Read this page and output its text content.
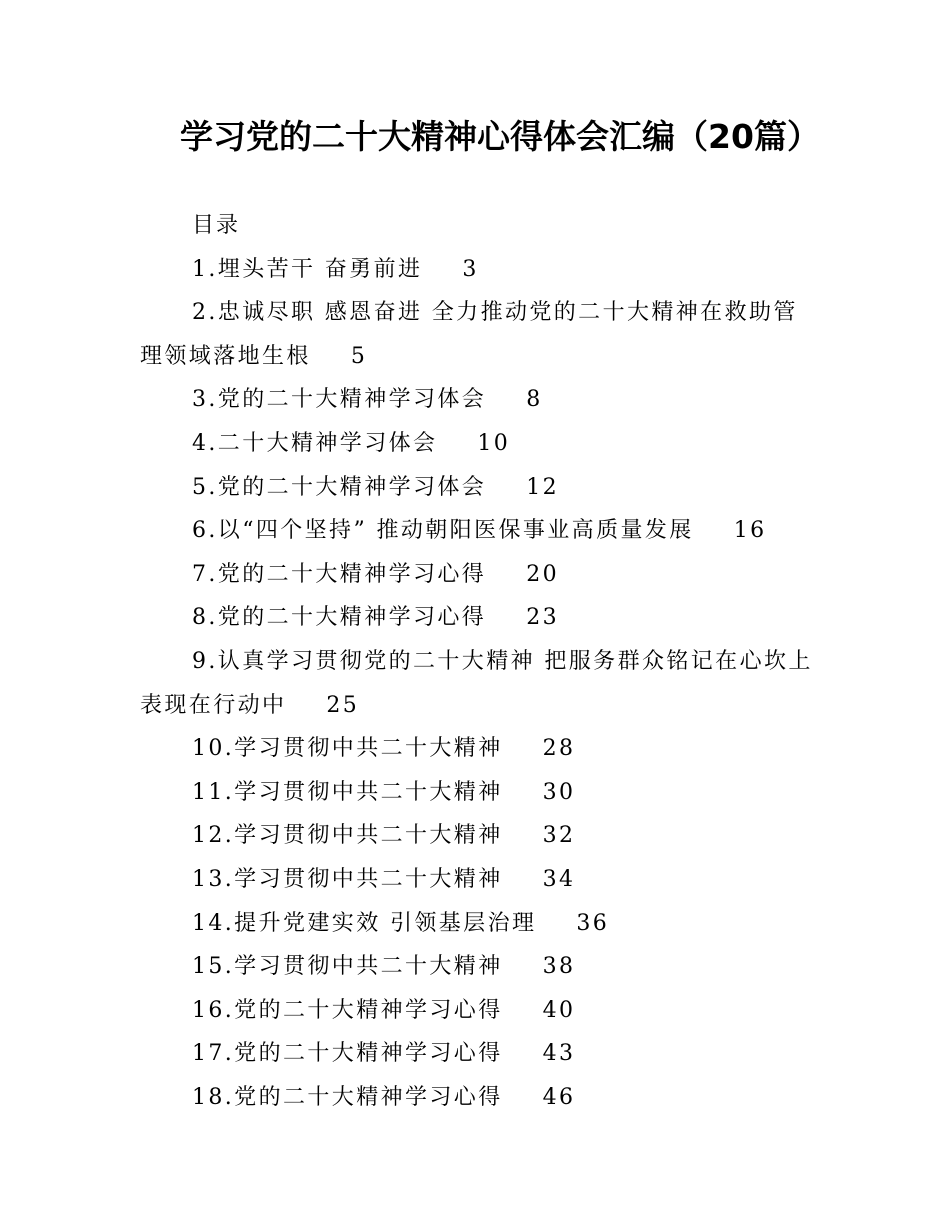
学习党的二十大精神心得体会汇编（20篇）
目录
1.埋头苦干 奋勇前进 3
2.忠诚尽职 感恩奋进 全力推动党的二十大精神在救助管理领域落地生根 5
3.党的二十大精神学习体会 8
4.二十大精神学习体会 10
5.党的二十大精神学习体会 12
6.以“四个坚持” 推动朝阳医保事业高质量发展 16
7.党的二十大精神学习心得 20
8.党的二十大精神学习心得 23
9.认真学习贯彻党的二十大精神 把服务群众铭记在心坎上表现在行动中 25
10.学习贯彻中共二十大精神 28
11.学习贯彻中共二十大精神 30
12.学习贯彻中共二十大精神 32
13.学习贯彻中共二十大精神 34
14.提升党建实效 引领基层治理 36
15.学习贯彻中共二十大精神 38
16.党的二十大精神学习心得 40
17.党的二十大精神学习心得 43
18.党的二十大精神学习心得 46
